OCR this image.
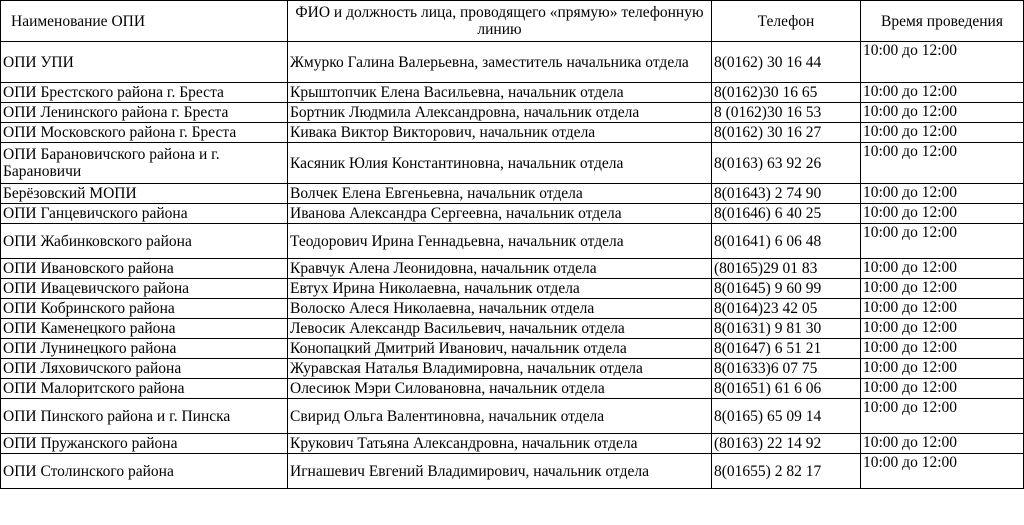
Наименование ОПИ	ФИО и должность лица, проводящего «прямую» телефонную линию	Телефон	Время проведения
ОПИ УПИ	Жмурко Галина Валерьевна, заместитель начальника отдела	8(0162) 30 16 44	10:00 до 12:00
ОПИ Брестского района г. Бреста	Крыштопчик Елена Васильевна, начальник отдела	8(0162)30 16 65	10:00 до 12:00
ОПИ Ленинского района г. Бреста	Бортник Людмила Александровна, начальник отдела	8 (0162)30 16 53	10:00 до 12:00
ОПИ Московского района г. Бреста	Кивака Виктор Викторович, начальник отдела	8(0162) 30 16 27	10:00 до 12:00
ОПИ Барановичского района и г. Барановичи	Касяник Юлия Константиновна, начальник отдела	8(0163) 63 92 26	10:00 до 12:00
Берёзовский МОПИ	Волчек Елена Евгеньевна, начальник отдела	8(01643) 2 74 90	10:00 до 12:00
ОПИ Ганцевичского района	Иванова Александра Сергеевна, начальник отдела	8(01646) 6 40 25	10:00 до 12:00
ОПИ Жабинковского района	Теодорович Ирина Геннадьевна, начальник отдела	8(01641) 6 06 48	10:00 до 12:00
ОПИ Ивановского района	Кравчук Алена Леонидовна, начальник отдела	(80165)29 01 83	10:00 до 12:00
ОПИ Ивацевичского района	Евтух Ирина Николаевна, начальник отдела	8(01645) 9 60 99	10:00 до 12:00
ОПИ Кобринского района	Волоско Алеся Николаевна, начальник отдела	8(0164)23 42 05	10:00 до 12:00
ОПИ Каменецкого района	Левосик Александр Васильевич, начальник отдела	8(01631) 9 81 30	10:00 до 12:00
ОПИ Лунинецкого района	Конопацкий Дмитрий Иванович, начальник отдела	8(01647) 6 51 21	10:00 до 12:00
ОПИ Ляховичского района	Журавская Наталья Владимировна, начальник отдела	8(01633)6 07 75	10:00 до 12:00
ОПИ Малоритского района	Олесиюк Мэри Силовановна, начальник отдела	8(01651) 61 6 06	10:00 до 12:00
ОПИ Пинского района и г. Пинска	Свирид Ольга Валентиновна, начальник отдела	8(0165) 65 09 14	10:00 до 12:00
ОПИ Пружанского района	Крукович Татьяна Александровна, начальник отдела	(80163) 22 14 92	10:00 до 12:00
ОПИ Столинского района	Игнашевич Евгений Владимирович, начальник отдела	8(01655) 2 82 17	10:00 до 12:00
